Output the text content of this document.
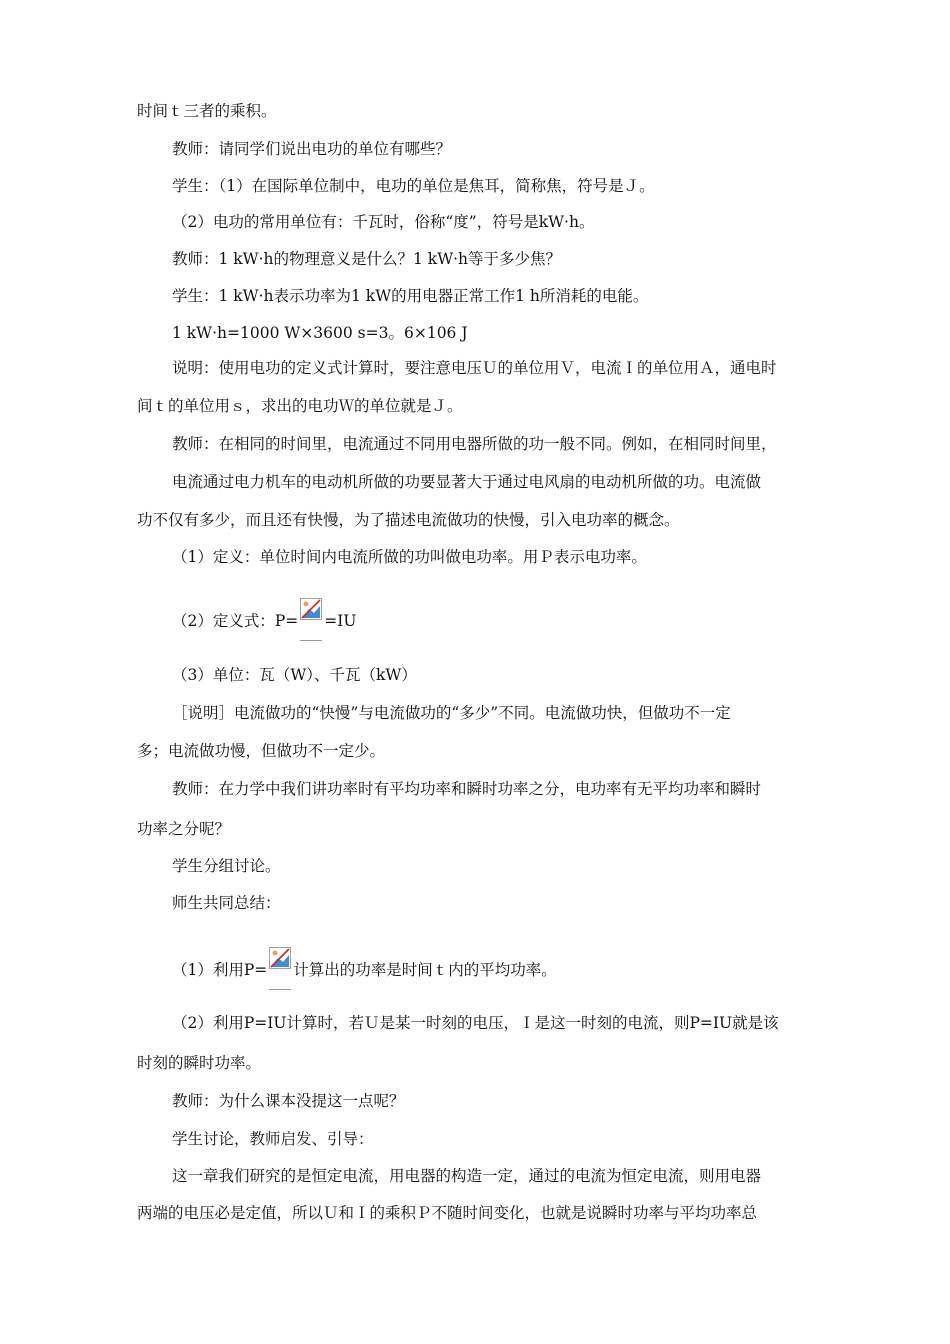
时间ｔ三者的乘积。
教师：请同学们说出电功的单位有哪些？
学生：（1）在国际单位制中，电功的单位是焦耳，简称焦，符号是Ｊ。
（2）电功的常用单位有：千瓦时，俗称“度”，符号是kW·h。
教师：1 kW·h的物理意义是什么？1 kW·h等于多少焦？
学生：1 kW·h表示功率为1 kW的用电器正常工作1 h所消耗的电能。
1 kW·h=1000 W×3600 s=3。6×106 J
说明：使用电功的定义式计算时，要注意电压Ｕ的单位用Ｖ，电流Ｉ的单位用Ａ，通电时
间ｔ的单位用ｓ，求出的电功Ｗ的单位就是Ｊ。
教师：在相同的时间里，电流通过不同用电器所做的功一般不同。例如，在相同时间里，
电流通过电力机车的电动机所做的功要显著大于通过电风扇的电动机所做的功。电流做
功不仅有多少，而且还有快慢，为了描述电流做功的快慢，引入电功率的概念。
（1）定义：单位时间内电流所做的功叫做电功率。用Ｐ表示电功率。
（2）定义式：P= =IU
（3）单位：瓦（W）、千瓦（kW）
［说明］电流做功的“快慢”与电流做功的“多少”不同。电流做功快，但做功不一定
多；电流做功慢，但做功不一定少。
教师：在力学中我们讲功率时有平均功率和瞬时功率之分，电功率有无平均功率和瞬时
功率之分呢？
学生分组讨论。
师生共同总结：
（1）利用P= 计算出的功率是时间ｔ内的平均功率。
（2）利用P=IU计算时，若Ｕ是某一时刻的电压，Ｉ是这一时刻的电流，则P=IU就是该
时刻的瞬时功率。
教师：为什么课本没提这一点呢？
学生讨论，教师启发、引导：
这一章我们研究的是恒定电流，用电器的构造一定，通过的电流为恒定电流，则用电器
两端的电压必是定值，所以Ｕ和Ｉ的乘积Ｐ不随时间变化，也就是说瞬时功率与平均功率总
